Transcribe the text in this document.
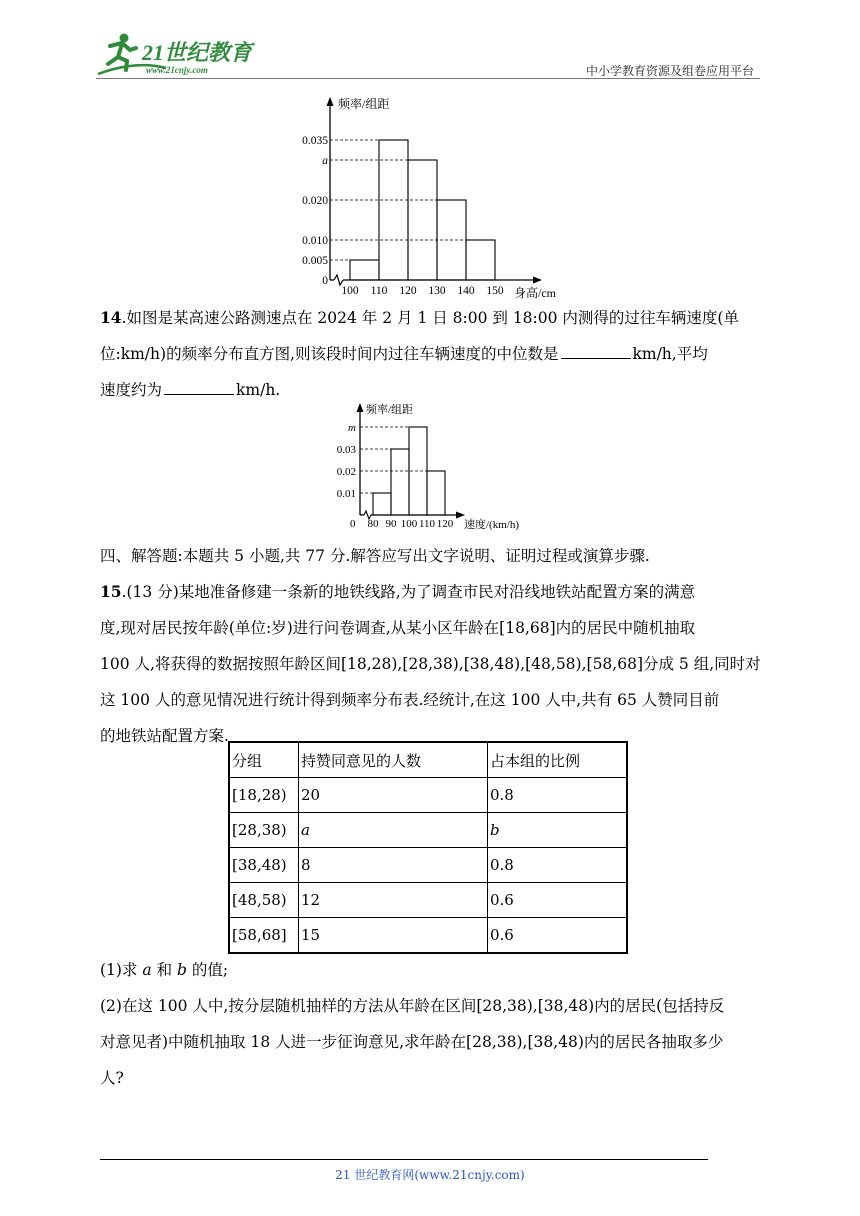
21世纪教育
www.21cnjy.com	中小学教育资源及组卷应用平台
0.005
0.035
a
0.020
0.010
0
100 110 120 130 140 150
频率/组距
身高/cm
14.如图是某高速公路测速点在 2024 年 2 月 1 日 8:00 到 18:00 内测得的过往车辆速度(单
位:km/h)的频率分布直方图,则该段时间内过往车辆速度的中位数是	km/h,平均
速度约为	km/h.
0.01
0.03
m
0.02
80 90 100 110 120
0
频率/组距
速度/(km/h)
四、解答题:本题共 5 小题,共 77 分.解答应写出文字说明、证明过程或演算步骤.
15.(13 分)某地准备修建一条新的地铁线路,为了调查市民对沿线地铁站配置方案的满意
度,现对居民按年龄(单位:岁)进行问卷调查,从某小区年龄在[18,68]内的居民中随机抽取
100 人,将获得的数据按照年龄区间[18,28),[28,38),[38,48),[48,58),[58,68]分成 5 组,同时对
这 100 人的意见情况进行统计得到频率分布表.经统计,在这 100 人中,共有 65 人赞同目前
的地铁站配置方案.
分组	持赞同意见的人数	占本组的比例
[18,28)	20	0.8
[28,38)	a	b
[38,48)	8	0.8
[48,58)	12	0.6
[58,68]	15	0.6
(1)求 a 和 b 的值;
(2)在这 100 人中,按分层随机抽样的方法从年龄在区间[28,38),[38,48)内的居民(包括持反
对意见者)中随机抽取 18 人进一步征询意见,求年龄在[28,38),[38,48)内的居民各抽取多少
人?
21 世纪教育网(www.21cnjy.com)
